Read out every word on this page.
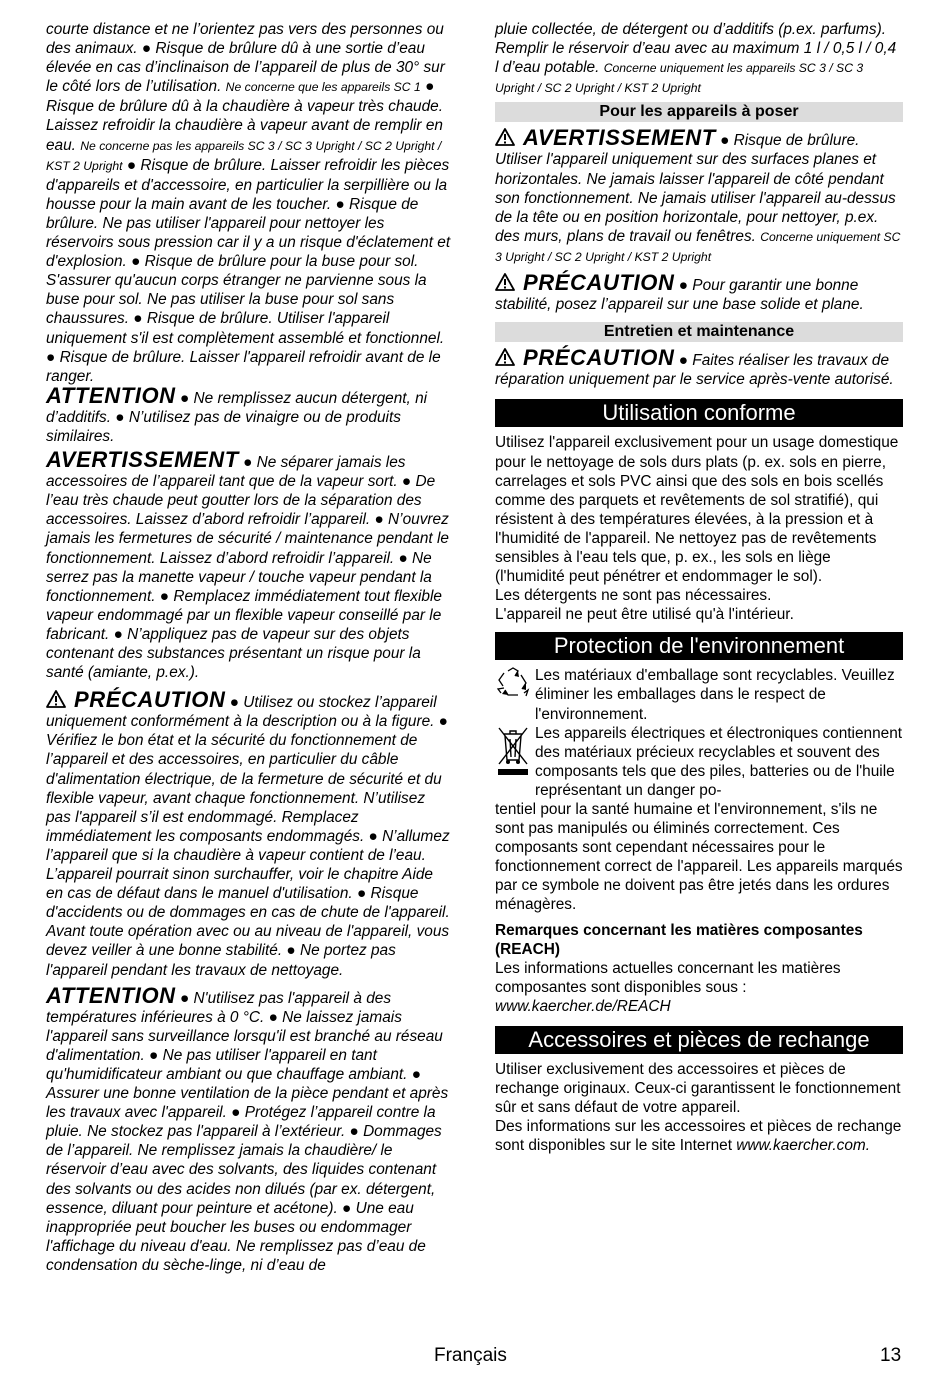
courte distance et ne l’orientez pas vers des personnes ou des animaux. ● Risque de brûlure dû à une sortie d’eau élevée en cas d’inclinaison de l’appareil de plus de 30° sur le côté lors de l’utilisation. Ne concerne que les appareils SC 1 ● Risque de brûlure dû à la chaudière à vapeur très chaude. Laissez refroidir la chaudière à vapeur avant de remplir en eau. Ne concerne pas les appareils SC 3 / SC 3 Upright / SC 2 Upright / KST 2 Upright ● Risque de brûlure. Laisser refroidir les pièces d'appareils et d'accessoire, en particulier la serpillière ou la housse pour la main avant de les toucher. ● Risque de brûlure. Ne pas utiliser l'appareil pour nettoyer les réservoirs sous pression car il y a un risque d'éclatement et d'explosion. ● Risque de brûlure pour la buse pour sol. S'assurer qu'aucun corps étranger ne parvienne sous la buse pour sol. Ne pas utiliser la buse pour sol sans chaussures. ● Risque de brûlure. Utiliser l'appareil uniquement s'il est complètement assemblé et fonctionnel. ● Risque de brûlure. Laisser l'appareil refroidir avant de le ranger.

ATTENTION ● Ne remplissez aucun détergent, ni d’additifs. ● N’utilisez pas de vinaigre ou de produits similaires.

AVERTISSEMENT ● Ne séparer jamais les accessoires de l’appareil tant que de la vapeur sort. ● De l’eau très chaude peut goutter lors de la séparation des accessoires. Laissez d’abord refroidir l’appareil. ● N’ouvrez jamais les fermetures de sécurité / maintenance pendant le fonctionnement. Laissez d’abord refroidir l’appareil. ● Ne serrez pas la manette vapeur / touche vapeur pendant la fonctionnement. ● Remplacez immédiatement tout flexible vapeur endommagé par un flexible vapeur conseillé par le fabricant. ● N’appliquez pas de vapeur sur des objets contenant des substances présentant un risque pour la santé (amiante, p.ex.).

PRÉCAUTION ● Utilisez ou stockez l’appareil uniquement conformément à la description ou à la figure. ● Vérifiez le bon état et la sécurité du fonctionnement de l’appareil et des accessoires, en particulier du câble d'alimentation électrique, de la fermeture de sécurité et du flexible vapeur, avant chaque fonctionnement. N’utilisez pas l'appareil s’il est endommagé. Remplacez immédiatement les composants endommagés. ● N’allumez l’appareil que si la chaudière à vapeur contient de l’eau. L’appareil pourrait sinon surchauffer, voir le chapitre Aide en cas de défaut dans le manuel d'utilisation. ● Risque d'accidents ou de dommages en cas de chute de l'appareil. Avant toute opération avec ou au niveau de l'appareil, vous devez veiller à une bonne stabilité. ● Ne portez pas l'appareil pendant les travaux de nettoyage.

ATTENTION ● N'utilisez pas l'appareil à des températures inférieures à 0 °C. ● Ne laissez jamais l'appareil sans surveillance lorsqu'il est branché au réseau d'alimentation. ● Ne pas utiliser l'appareil en tant qu'humidificateur ambiant ou que chauffage ambiant. ● Assurer une bonne ventilation de la pièce pendant et après les travaux avec l'appareil. ● Protégez l’appareil contre la pluie. Ne stockez pas l'appareil à l’extérieur. ● Dommages de l’appareil. Ne remplissez jamais la chaudière/ le réservoir d’eau avec des solvants, des liquides contenant des solvants ou des acides non dilués (par ex. détergent, essence, diluant pour peinture et acétone). ● Une eau inappropriée peut boucher les buses ou endommager l'affichage du niveau d'eau. Ne remplissez pas d’eau de condensation du sèche-linge, ni d’eau de

pluie collectée, de détergent ou d’additifs (p.ex. parfums). Remplir le réservoir d’eau avec au maximum 1 l / 0,5 l / 0,4 l d’eau potable. Concerne uniquement les appareils SC 3 / SC 3 Upright / SC 2 Upright / KST 2 Upright

Pour les appareils à poser

AVERTISSEMENT ● Risque de brûlure. Utiliser l'appareil uniquement sur des surfaces planes et horizontales. Ne jamais laisser l'appareil de côté pendant son fonctionnement. Ne jamais utiliser l'appareil au-dessus de la tête ou en position horizontale, pour nettoyer, p.ex. des murs, plans de travail ou fenêtres. Concerne uniquement SC 3 Upright / SC 2 Upright / KST 2 Upright

PRÉCAUTION ● Pour garantir une bonne stabilité, posez l’appareil sur une base solide et plane.

Entretien et maintenance

PRÉCAUTION ● Faites réaliser les travaux de réparation uniquement par le service après-vente autorisé.

Utilisation conforme

Utilisez l'appareil exclusivement pour un usage domestique pour le nettoyage de sols durs plats (p. ex. sols en pierre, carrelages et sols PVC ainsi que des sols en bois scellés comme des parquets et revêtements de sol stratifié), qui résistent à des températures élevées, à la pression et à l'humidité de l'appareil. Ne nettoyez pas de revêtements sensibles à l'eau tels que, p. ex., les sols en liège (l'humidité peut pénétrer et endommager le sol).

Les détergents ne sont pas nécessaires.

L'appareil ne peut être utilisé qu'à l'intérieur.

Protection de l'environnement

Les matériaux d'emballage sont recyclables. Veuillez éliminer les emballages dans le respect de l'environnement.

Les appareils électriques et électroniques contiennent des matériaux précieux recyclables et souvent des composants tels que des piles, batteries ou de l'huile représentant un danger po-

tentiel pour la santé humaine et l'environnement, s'ils ne sont pas manipulés ou éliminés correctement. Ces composants sont cependant nécessaires pour le fonctionnement correct de l'appareil. Les appareils marqués par ce symbole ne doivent pas être jetés dans les ordures ménagères.

Remarques concernant les matières composantes (REACH)

Les informations actuelles concernant les matières composantes sont disponibles sous : www.kaercher.de/REACH

Accessoires et pièces de rechange

Utiliser exclusivement des accessoires et pièces de rechange originaux. Ceux-ci garantissent le fonctionnement sûr et sans défaut de votre appareil.

Des informations sur les accessoires et pièces de rechange sont disponibles sur le site Internet www.kaercher.com.

Français	13
